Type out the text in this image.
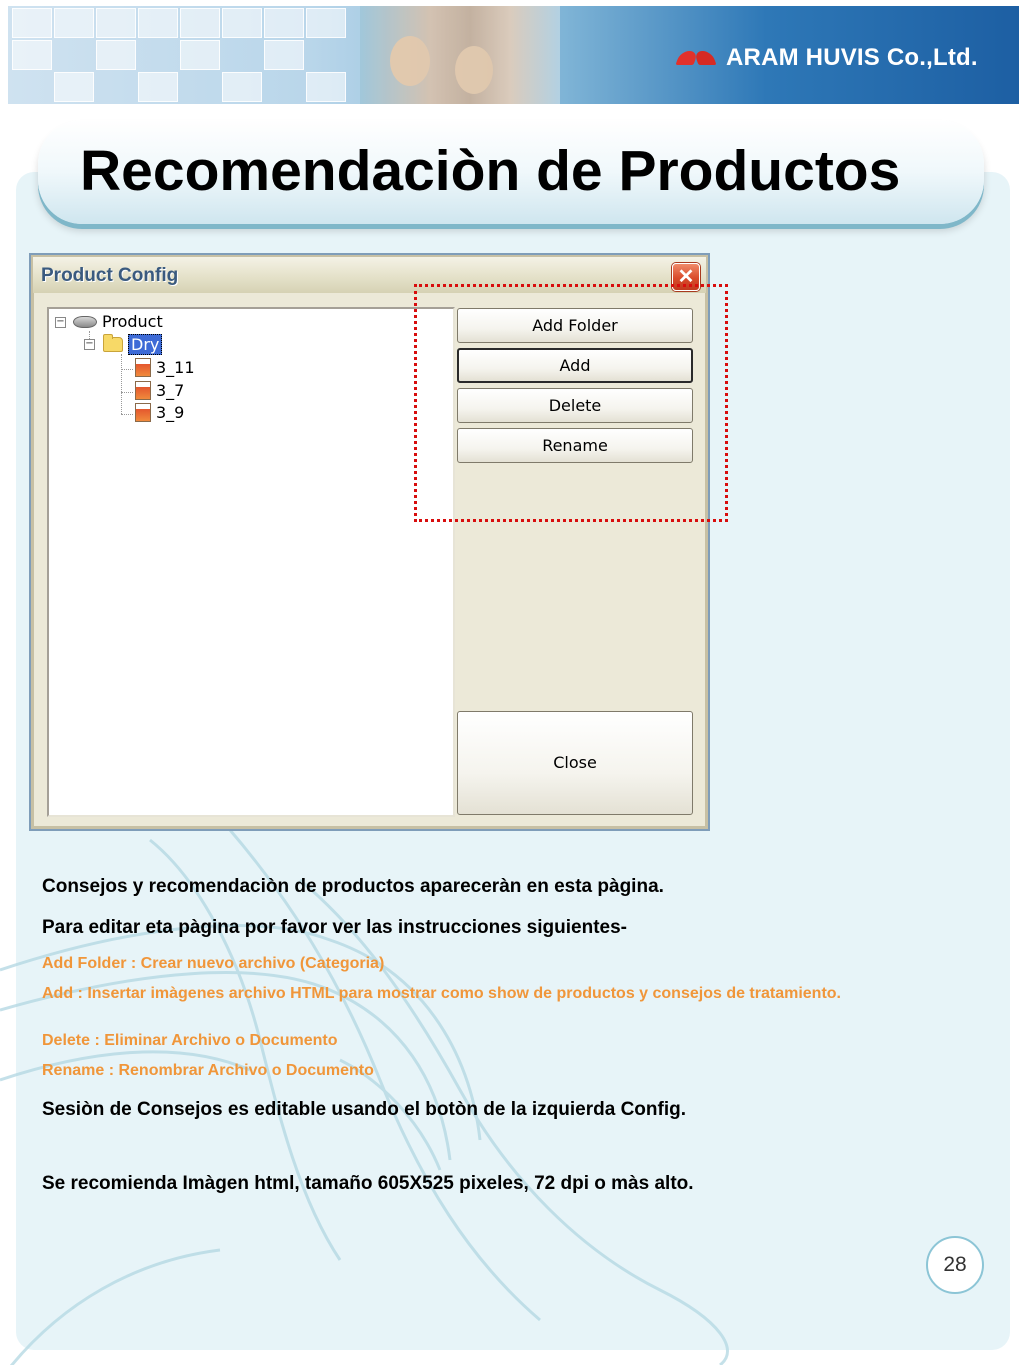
ARAM HUVIS Co.,Ltd.
Recomendaciòn de Productos
Product Config	✕
− Product
− Dry
3_11
3_7
3_9
Add Folder
Add
Delete
Rename
Close

Consejos y recomendaciòn de productos apareceràn en esta pàgina.

Para editar eta pàgina por favor ver las instrucciones siguientes-

Add Folder : Crear nuevo archivo (Categoria)

Add : Insertar imàgenes archivo HTML para mostrar como show de productos y consejos de tratamiento.

Delete : Eliminar Archivo o Documento

Rename : Renombrar Archivo o Documento

Sesiòn de Consejos es editable usando el botòn de la izquierda Config.

Se recomienda Imàgen html, tamaño 605X525 pixeles, 72 dpi o màs alto.

28
